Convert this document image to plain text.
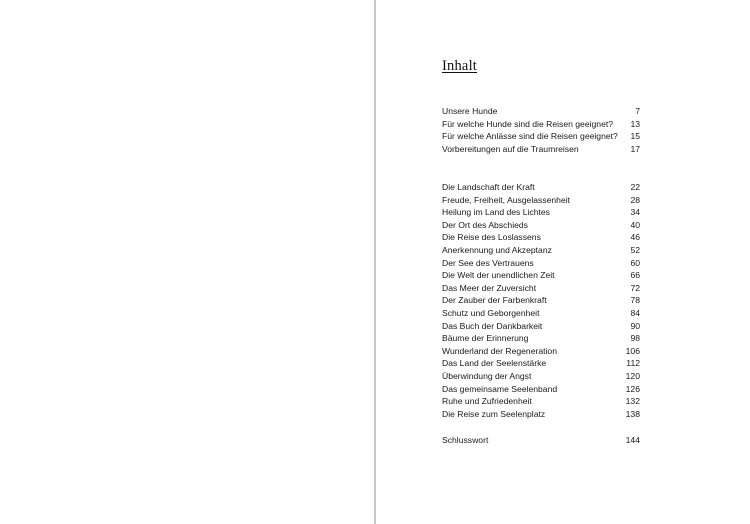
Inhalt
Unsere Hunde	7
Für welche Hunde sind die Reisen geeignet? 13
Für welche Anlässe sind die Reisen geeignet? 15
Vorbereitungen auf die Traumreisen	17
Die Landschaft der Kraft	22
Freude, Freiheit, Ausgelassenheit	28
Heilung im Land des Lichtes	34
Der Ort des Abschieds	40
Die Reise des Loslassens	46
Anerkennung und Akzeptanz	52
Der See des Vertrauens	60
Die Welt der unendlichen Zeit	66
Das Meer der Zuversicht	72
Der Zauber der Farbenkraft	78
Schutz und Geborgenheit	84
Das Buch der Dankbarkeit	90
Bäume der Erinnerung	98
Wunderland der Regeneration	106
Das Land der Seelenstärke	112
Überwindung der Angst	120
Das gemeinsame Seelenband	126
Ruhe und Zufriedenheit	132
Die Reise zum Seelenplatz	138
Schlusswort	144
